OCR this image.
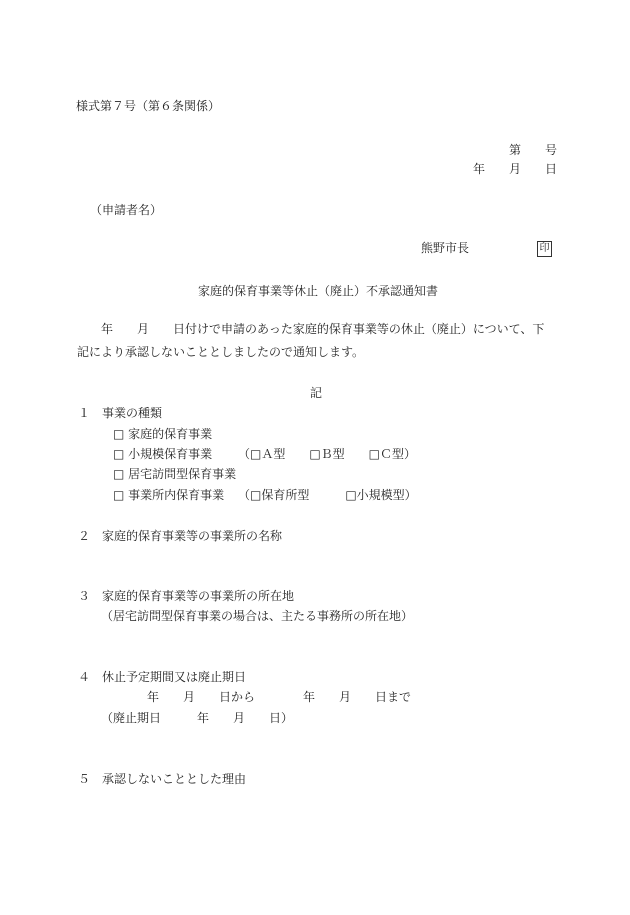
様式第７号（第６条関係）
第　　号
年　　月　　日
（申請者名）
熊野市長	印
家庭的保育事業等休止（廃止）不承認通知書
　　年　　月　　日付けで申請のあった家庭的保育事業等の休止（廃止）について、下
記により承認しないこととしましたので通知します。
記
１　事業の種類
□ 家庭的保育事業
□ 小規模保育事業 （□Ａ型　　□Ｂ型　　□Ｃ型）
□ 居宅訪問型保育事業
□ 事業所内保育事業 （□保育所型　　　□小規模型）
２　家庭的保育事業等の事業所の名称
３　家庭的保育事業等の事業所の所在地
（居宅訪問型保育事業の場合は、主たる事務所の所在地）
４　休止予定期間又は廃止期日
年　　月　　日から　　　　年　　月　　日まで
（廃止期日　　　年　　月　　日）
５　承認しないこととした理由
